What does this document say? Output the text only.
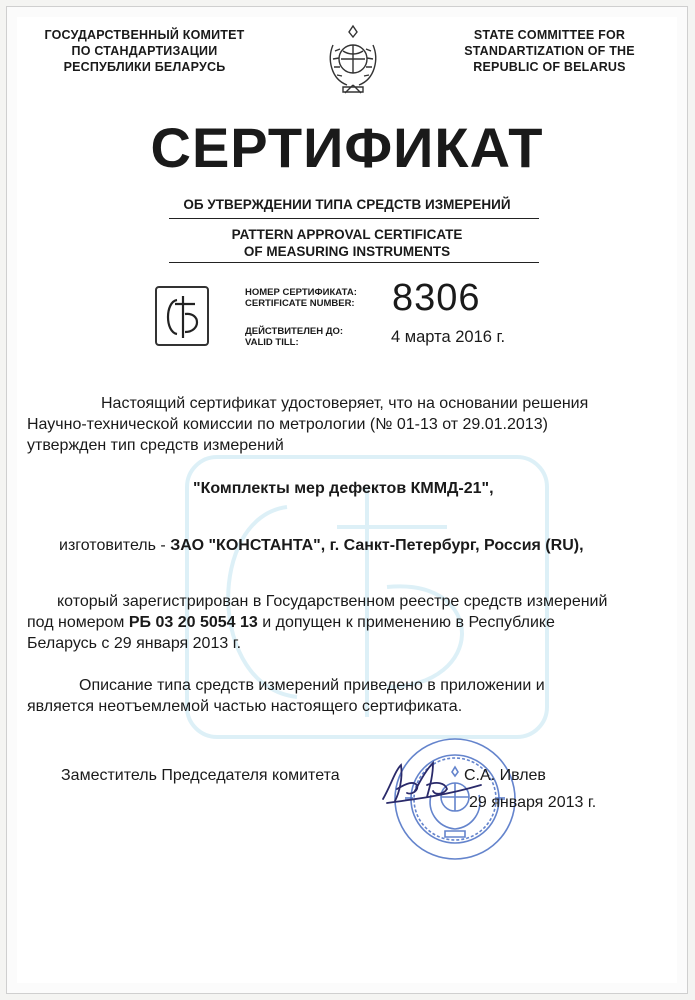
ГОСУДАРСТВЕННЫЙ КОМИТЕТ
ПО СТАНДАРТИЗАЦИИ
РЕСПУБЛИКИ БЕЛАРУСЬ
STATE COMMITTEE FOR
STANDARTIZATION OF THE
REPUBLIC OF BELARUS
СЕРТИФИКАТ
ОБ УТВЕРЖДЕНИИ ТИПА СРЕДСТВ ИЗМЕРЕНИЙ
PATTERN APPROVAL CERTIFICATE
OF MEASURING INSTRUMENTS
НОМЕР СЕРТИФИКАТА:
CERTIFICATE NUMBER: 8306
ДЕЙСТВИТЕЛЕН ДО:
VALID TILL:	4 марта 2016 г.
Настоящий сертификат удостоверяет, что на основании решения
Научно-технической комиссии по метрологии (№ 01-13 от 29.01.2013)
утвержден тип средств измерений
"Комплекты мер дефектов КММД-21",
изготовитель - ЗАО "КОНСТАНТА", г. Санкт-Петербург, Россия (RU),
который зарегистрирован в Государственном реестре средств измерений
под номером РБ 03 20 5054 13 и допущен к применению в Республике
Беларусь с 29 января 2013 г.
Описание типа средств измерений приведено в приложении и
является неотъемлемой частью настоящего сертификата.
Заместитель Председателя комитета	С.А. Ивлев
29 января 2013 г.
